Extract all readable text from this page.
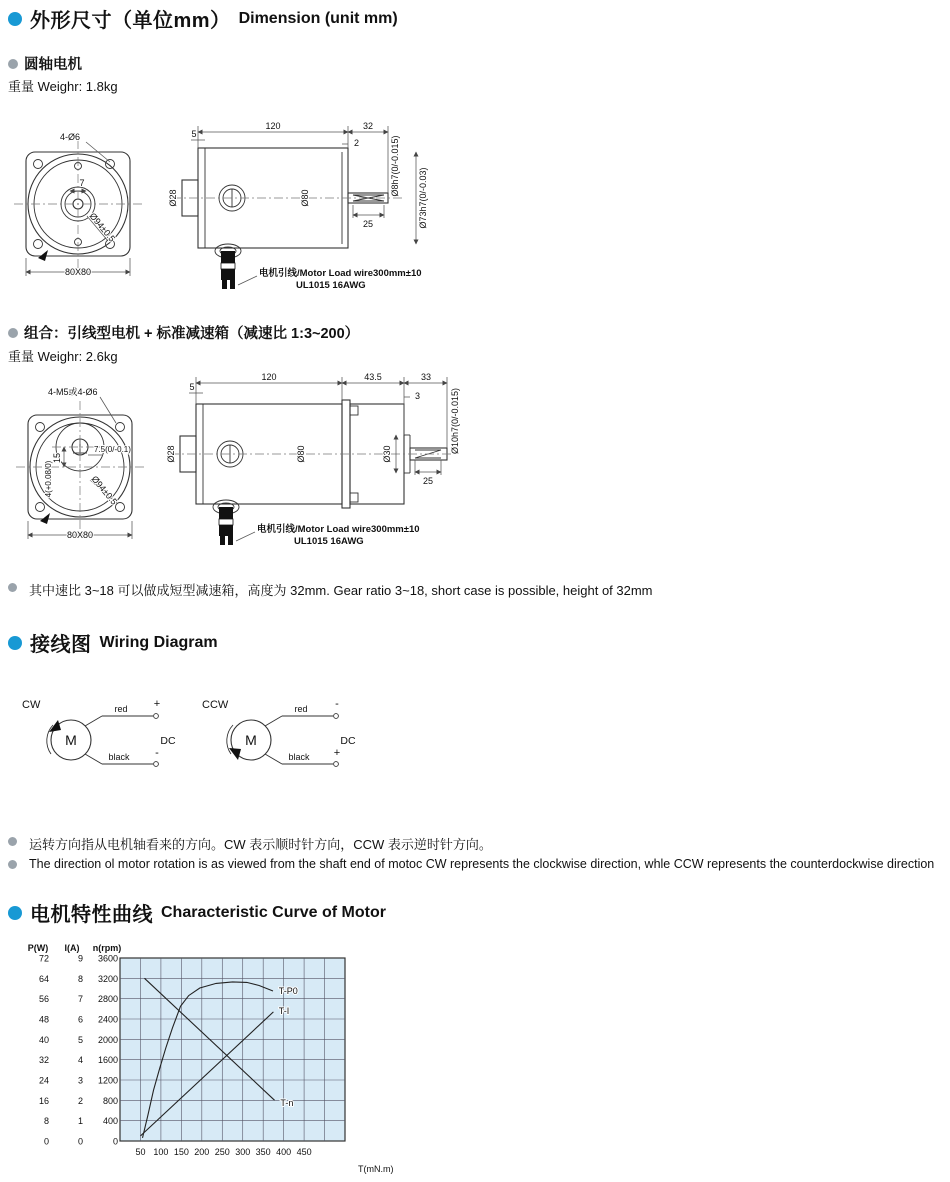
外形尺寸（单位mm） Dimension (unit mm)
圆轴电机
重量 Weighr: 1.8kg
7
4-Ø6
Ø94±0.5
80X80
120	32
5
2
25
Ø28	Ø80
Ø8h7(0/-0.015)
Ø73h7(0/-0.03)
电机引线/Motor Load wire300mm±10
UL1015 16AWG
组合：引线型电机 + 标准减速箱（减速比 1:3~200）
重量 Weighr: 2.6kg
4-M5或4-Ø6
15
4(+0.08/0)
7.5(0/-0.1)
Ø94±0.5
80X80
120	43.5	33
5
3
25
Ø28	Ø80	Ø30	Ø10h7(0/-0.015)
电机引线/Motor Load wire300mm±10
UL1015 16AWG
其中速比 3~18 可以做成短型减速箱，高度为 32mm. Gear ratio 3~18, short case is possible, height of 32mm
接线图 Wiring Diagram
CW
M
red
black
+
-
DC
CCW
M
red
black
-
+
DC
运转方向指从电机轴看来的方向。CW 表示顺时针方向，CCW 表示逆时针方向。
The direction ol motor rotation is as viewed from the shaft end of motoc CW represents the clockwise direction, whle CCW represents the counterdockwise direction
电机特性曲线 Characteristic Curve of Motor
P(W)
72
64
56
48
40
32
24
16
8
0
I(A)
9
8
7
6
5
4
3
2
1
0
n(rpm)
3600
3200
2800
2400
2000
1600
1200
800
400
0
50 100 150 200 250 300 350 400 450
T(mN.m)
T-P0
T-I
T-n
